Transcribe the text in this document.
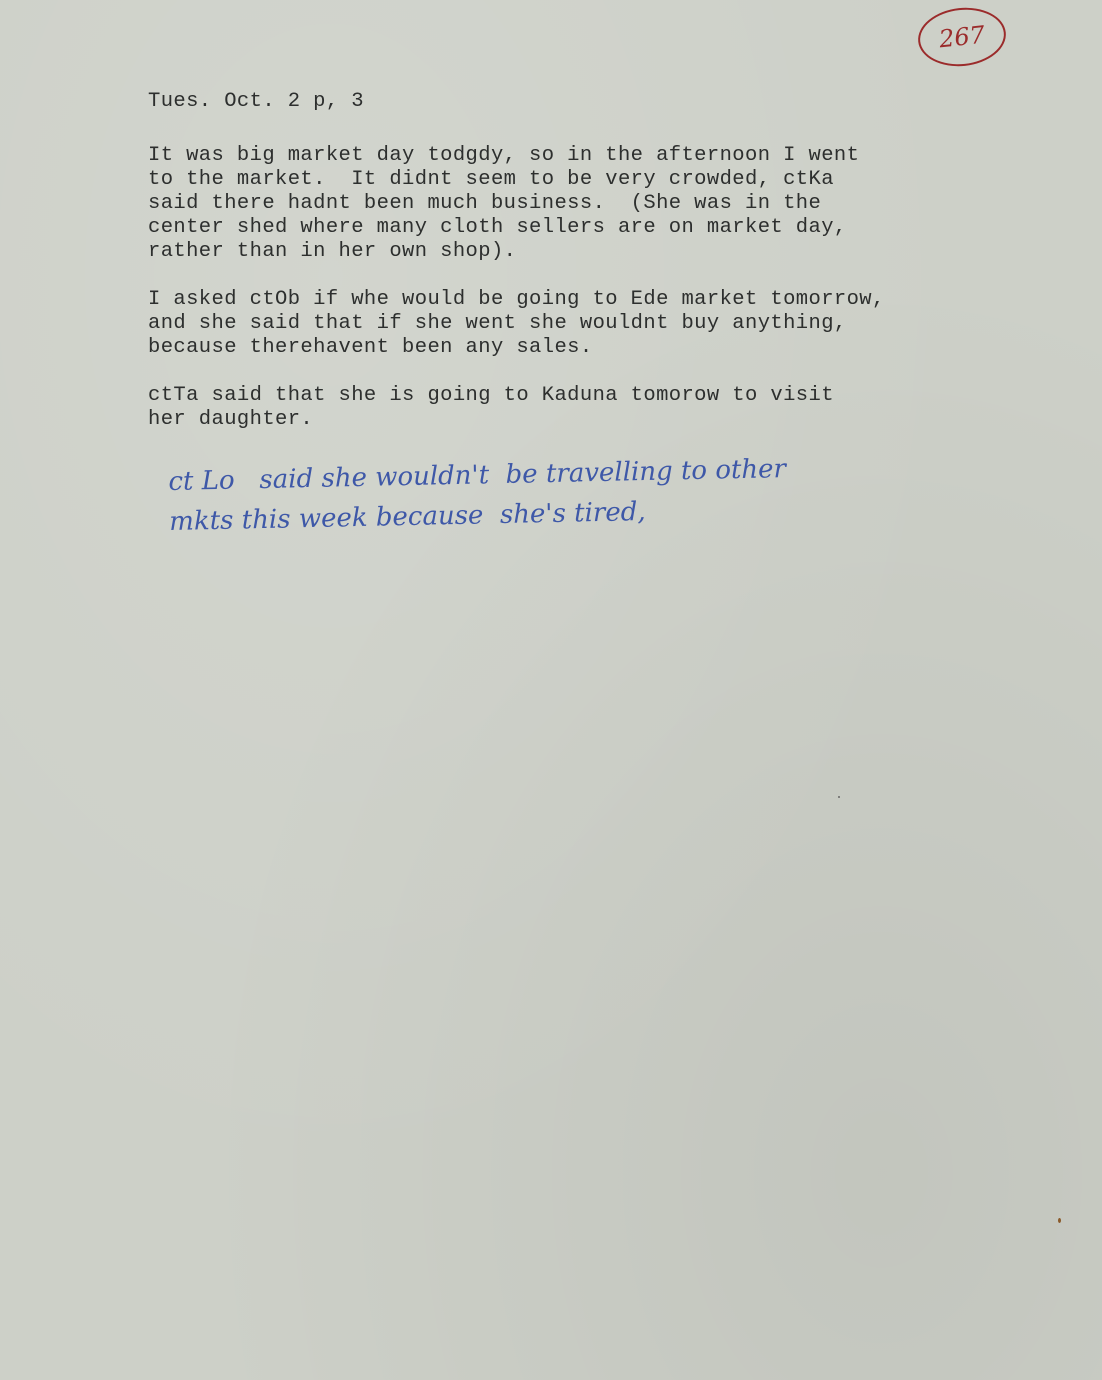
267

Tues. Oct. 2 p, 3

It was big market day todgdy, so in the afternoon I went
to the market.  It didnt seem to be very crowded, ctKa
said there hadnt been much business.  (She was in the
center shed where many cloth sellers are on market day,
rather than in her own shop).

I asked ctOb if whe would be going to Ede market tomorrow,
and she said that if she went she wouldnt buy anything,
because therehavent been any sales.

ctTa said that she is going to Kaduna tomorow to visit
her daughter.

ct Lo   said she wouldn't  be travelling to other
mkts this week because  she's tired,
